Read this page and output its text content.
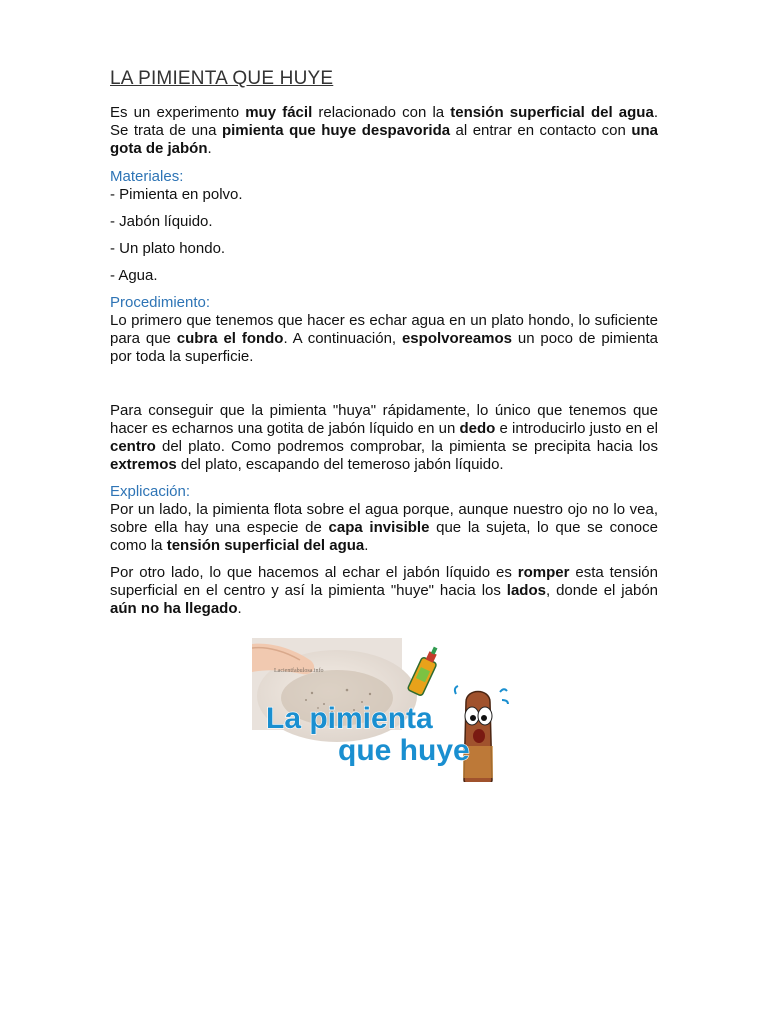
LA PIMIENTA QUE HUYE

Es un experimento muy fácil relacionado con la tensión superficial del agua. Se trata de una pimienta que huye despavorida al entrar en contacto con una gota de jabón.

Materiales:

- Pimienta en polvo.

- Jabón líquido.

- Un plato hondo.

- Agua.

Procedimiento:

Lo primero que tenemos que hacer es echar agua en un plato hondo, lo suficiente para que cubra el fondo. A continuación, espolvoreamos un poco de pimienta por toda la superficie.

Para conseguir que la pimienta "huya" rápidamente, lo único que tenemos que hacer es echarnos una gotita de jabón líquido en un dedo e introducirlo justo en el centro del plato. Como podremos comprobar, la pimienta se precipita hacia los extremos del plato, escapando del temeroso jabón líquido.

Explicación:

Por un lado, la pimienta flota sobre el agua porque, aunque nuestro ojo no lo vea, sobre ella hay una especie de capa invisible que la sujeta, lo que se conoce como la tensión superficial del agua.

Por otro lado, lo que hacemos al echar el jabón líquido es romper esta tensión superficial en el centro y así la pimienta "huye" hacia los lados, donde el jabón aún no ha llegado.

Lacientfabulosa.info
La pimienta
que huye
